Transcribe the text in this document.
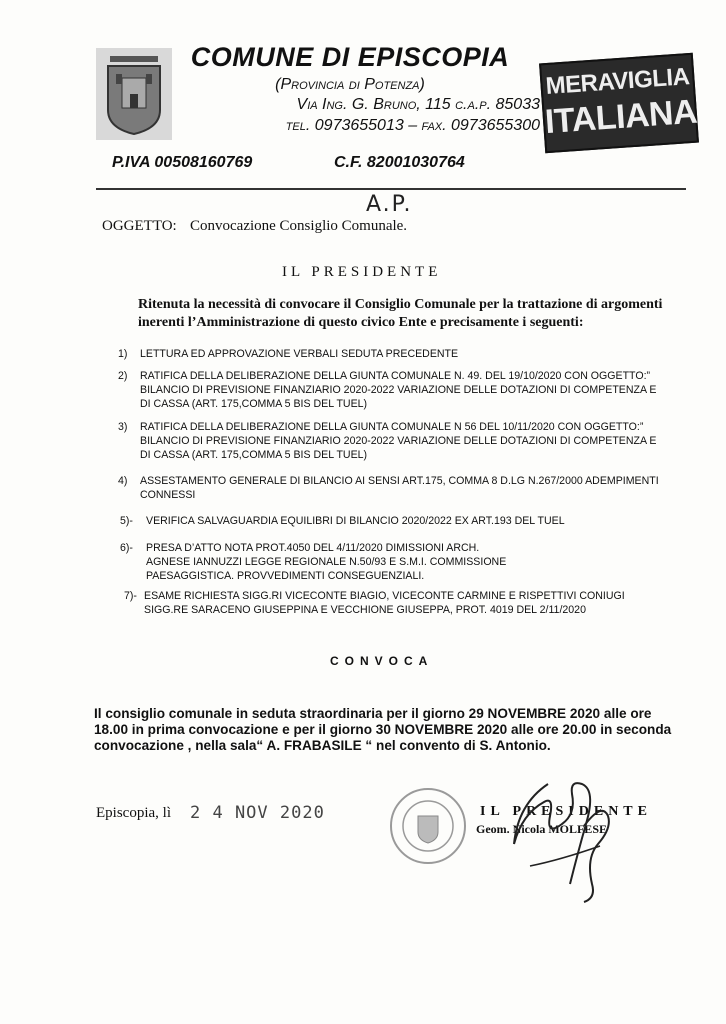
COMUNE DI EPISCOPIA
(Provincia di Potenza)
Via Ing. G. Bruno, 115 c.a.p. 85033
tel. 0973655013 – fax. 0973655300
MERAVIGLIA
ITALIANA
P.IVA 00508160769	C.F. 82001030764
A.P.
OGGETTO: Convocazione Consiglio Comunale.
IL PRESIDENTE
Ritenuta la necessità di convocare il Consiglio Comunale per la trattazione di argomenti inerenti l’Amministrazione di questo civico Ente e precisamente i seguenti:
1) LETTURA ED APPROVAZIONE VERBALI SEDUTA PRECEDENTE
2) RATIFICA DELLA DELIBERAZIONE DELLA GIUNTA COMUNALE N. 49. DEL 19/10/2020 CON OGGETTO:” BILANCIO DI PREVISIONE FINANZIARIO 2020-2022 VARIAZIONE DELLE DOTAZIONI DI COMPETENZA E DI CASSA (ART. 175,COMMA 5 BIS DEL TUEL)
3) RATIFICA DELLA DELIBERAZIONE DELLA GIUNTA COMUNALE N 56 DEL 10/11/2020 CON OGGETTO:” BILANCIO DI PREVISIONE FINANZIARIO 2020-2022 VARIAZIONE DELLE DOTAZIONI DI COMPETENZA E DI CASSA (ART. 175,COMMA 5 BIS DEL TUEL)
4) ASSESTAMENTO GENERALE DI BILANCIO AI SENSI ART.175, COMMA 8 D.LG N.267/2000 ADEMPIMENTI CONNESSI
5)- VERIFICA SALVAGUARDIA EQUILIBRI DI BILANCIO 2020/2022 EX ART.193 DEL TUEL
6)- PRESA D’ATTO NOTA PROT.4050 DEL 4/11/2020 DIMISSIONI ARCH. AGNESE IANNUZZI LEGGE REGIONALE N.50/93 E S.M.I. COMMISSIONE PAESAGGISTICA. PROVVEDIMENTI CONSEGUENZIALI.
7)- ESAME RICHIESTA SIGG.RI VICECONTE BIAGIO, VICECONTE CARMINE E RISPETTIVI CONIUGI SIGG.RE SARACENO GIUSEPPINA E VECCHIONE GIUSEPPA, PROT. 4019 DEL 2/11/2020
CONVOCA
Il consiglio comunale in seduta straordinaria per il giorno 29 NOVEMBRE 2020 alle ore 18.00 in prima convocazione e per il giorno 30 NOVEMBRE 2020 alle ore 20.00 in seconda convocazione , nella sala“ A. FRABASILE “ nel convento di S. Antonio.
Episcopia, lì 2 4 NOV 2020	IL PRESIDENTE
Geom. Nicola MOLFESE
